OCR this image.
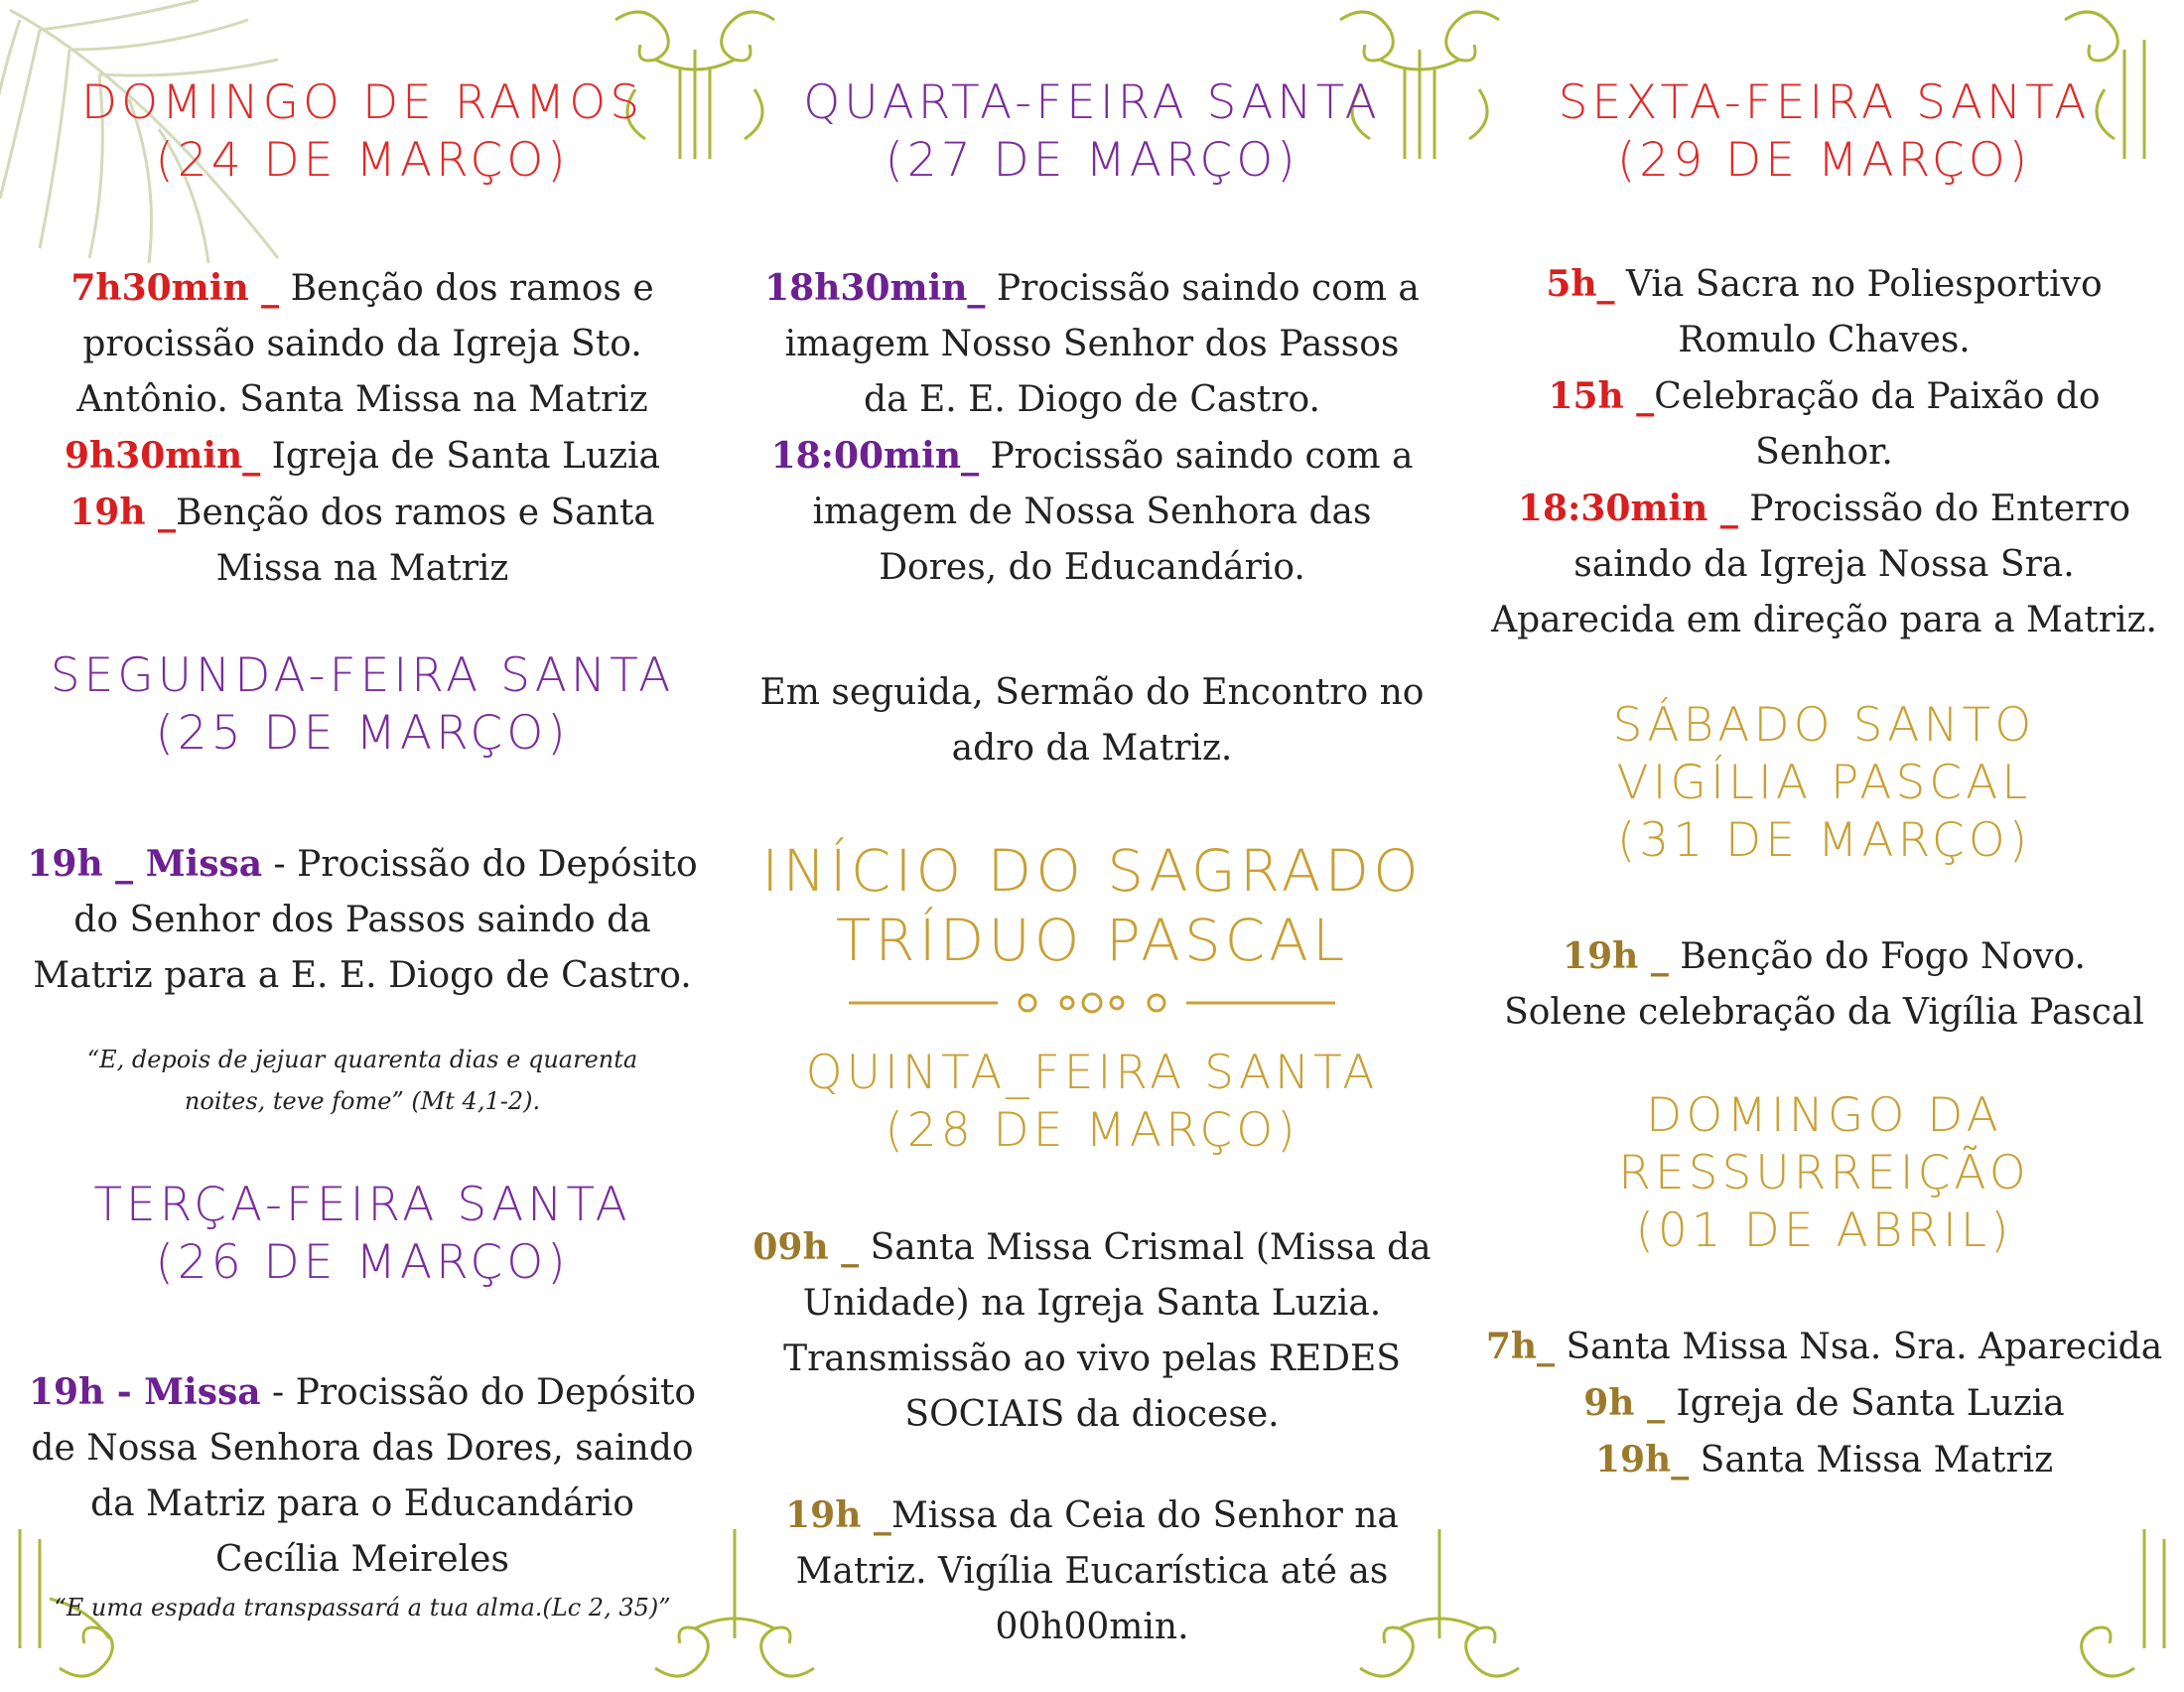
DOMINGO DE RAMOS
(24 DE MARÇO)

7h30min _ Benção dos ramos e

procissão saindo da Igreja Sto.

Antônio. Santa Missa na Matriz

9h30min_ Igreja de Santa Luzia

19h _Benção dos ramos e Santa

Missa na Matriz

SEGUNDA-FEIRA SANTA
(25 DE MARÇO)

19h _ Missa - Procissão do Depósito

do Senhor dos Passos saindo da

Matriz para a E. E. Diogo de Castro.

“E, depois de jejuar quarenta dias e quarenta

noites, teve fome” (Mt 4,1-2).

TERÇA-FEIRA SANTA
(26 DE MARÇO)

19h - Missa - Procissão do Depósito

de Nossa Senhora das Dores, saindo

da Matriz para o Educandário

Cecília Meireles

“E uma espada transpassará a tua alma.(Lc 2, 35)”

QUARTA-FEIRA SANTA
(27 DE MARÇO)

18h30min_ Procissão saindo com a

imagem Nosso Senhor dos Passos

da E. E. Diogo de Castro.

18:00min_ Procissão saindo com a

imagem de Nossa Senhora das

Dores, do Educandário.

Em seguida, Sermão do Encontro no

adro da Matriz.

INÍCIO DO SAGRADO
TRÍDUO PASCAL
QUINTA_FEIRA SANTA
(28 DE MARÇO)

09h _ Santa Missa Crismal (Missa da

Unidade) na Igreja Santa Luzia.

Transmissão ao vivo pelas REDES

SOCIAIS da diocese.

19h _Missa da Ceia do Senhor na

Matriz. Vigília Eucarística até as

00h00min.

SEXTA-FEIRA SANTA
(29 DE MARÇO)

5h_ Via Sacra no Poliesportivo

Romulo Chaves.

15h _Celebração da Paixão do

Senhor.

18:30min _ Procissão do Enterro

saindo da Igreja Nossa Sra.

Aparecida em direção para a Matriz.

SÁBADO SANTO
VIGÍLIA PASCAL
(31 DE MARÇO)

19h _ Benção do Fogo Novo.

Solene celebração da Vigília Pascal

DOMINGO DA
RESSURREIÇÃO
(01 DE ABRIL)

7h_ Santa Missa Nsa. Sra. Aparecida

9h _ Igreja de Santa Luzia

19h_ Santa Missa Matriz
